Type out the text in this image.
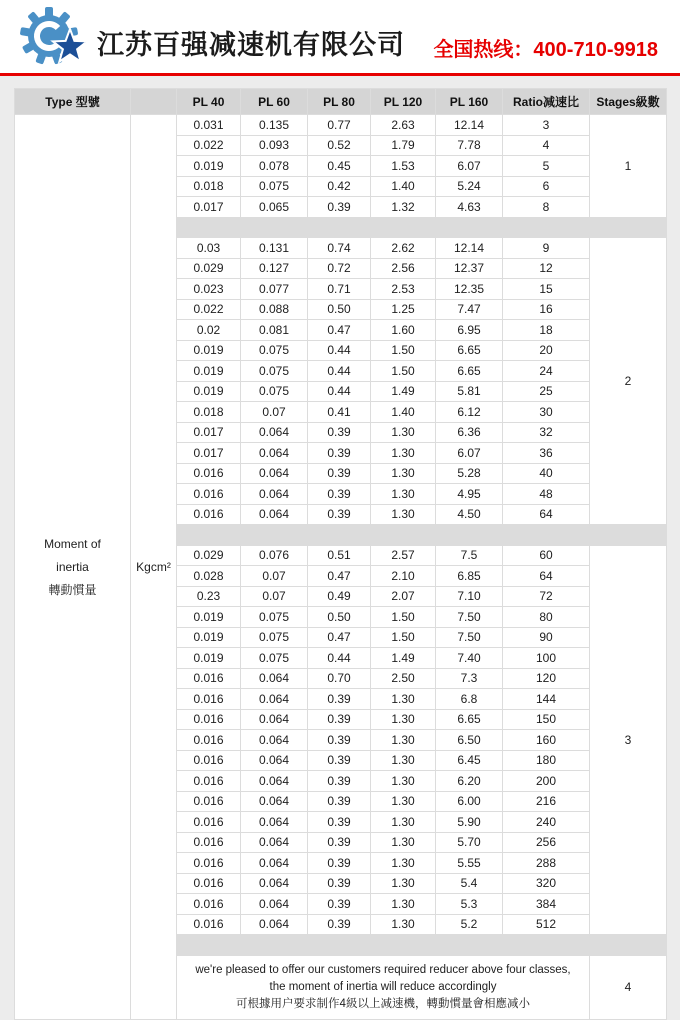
江苏百强减速机有限公司 全国热线：400-710-9918
Type 型號		PL 40	PL 60	PL 80	PL 120	PL 160	Ratio减速比	Stages級數

Moment of
inertia
轉動慣量	Kgcm²	0.031	0.135	0.77	2.63	12.14	3	1
		0.022	0.093	0.52	1.79	7.78	4	
		0.019	0.078	0.45	1.53	6.07	5	
		0.018	0.075	0.42	1.40	5.24	6	
		0.017	0.065	0.39	1.32	4.63	8	

		0.03	0.131	0.74	2.62	12.14	9	2
		0.029	0.127	0.72	2.56	12.37	12	
		0.023	0.077	0.71	2.53	12.35	15	
		0.022	0.088	0.50	1.25	7.47	16	
		0.02	0.081	0.47	1.60	6.95	18	
		0.019	0.075	0.44	1.50	6.65	20	
		0.019	0.075	0.44	1.50	6.65	24	
		0.019	0.075	0.44	1.49	5.81	25	
		0.018	0.07	0.41	1.40	6.12	30	
		0.017	0.064	0.39	1.30	6.36	32	
		0.017	0.064	0.39	1.30	6.07	36	
		0.016	0.064	0.39	1.30	5.28	40	
		0.016	0.064	0.39	1.30	4.95	48	
		0.016	0.064	0.39	1.30	4.50	64	

		0.029	0.076	0.51	2.57	7.5	60	3
		0.028	0.07	0.47	2.10	6.85	64	
		0.23	0.07	0.49	2.07	7.10	72	
		0.019	0.075	0.50	1.50	7.50	80	
		0.019	0.075	0.47	1.50	7.50	90	
		0.019	0.075	0.44	1.49	7.40	100	
		0.016	0.064	0.70	2.50	7.3	120	
		0.016	0.064	0.39	1.30	6.8	144	
		0.016	0.064	0.39	1.30	6.65	150	
		0.016	0.064	0.39	1.30	6.50	160	
		0.016	0.064	0.39	1.30	6.45	180	
		0.016	0.064	0.39	1.30	6.20	200	
		0.016	0.064	0.39	1.30	6.00	216	
		0.016	0.064	0.39	1.30	5.90	240	
		0.016	0.064	0.39	1.30	5.70	256	
		0.016	0.064	0.39	1.30	5.55	288	
		0.016	0.064	0.39	1.30	5.4	320	
		0.016	0.064	0.39	1.30	5.3	384	
		0.016	0.064	0.39	1.30	5.2	512	

		we're pleased to offer our customers required reducer above four classes, the moment of inertia will reduce accordingly
可根據用户要求制作4級以上减速機，轉動慣量會相應减小						4
